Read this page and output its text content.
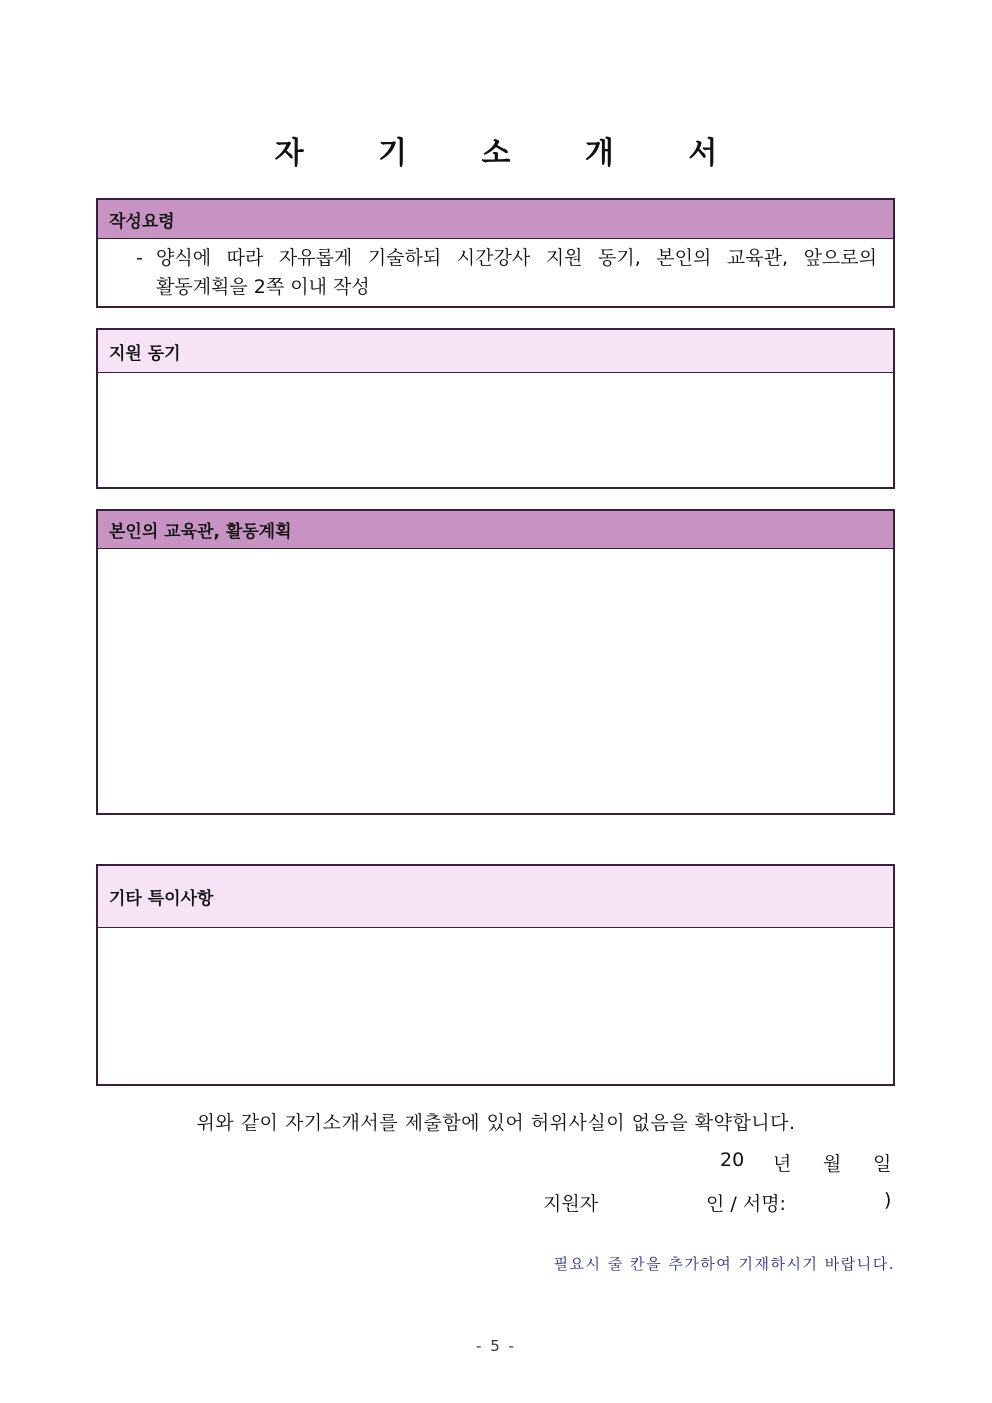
자 기 소 개 서
작성요령
- 양식에 따라 자유롭게 기술하되 시간강사 지원 동기, 본인의 교육관, 앞으로의
활동계획을 2쪽 이내 작성
지원 동기
본인의 교육관, 활동계획
기타 특이사항
위와 같이 자기소개서를 제출함에 있어 허위사실이 없음을 확약합니다.
20 년 월 일
지원자	인 / 서명:	)
필요시 줄 칸을 추가하여 기재하시기 바랍니다.
- 5 -
